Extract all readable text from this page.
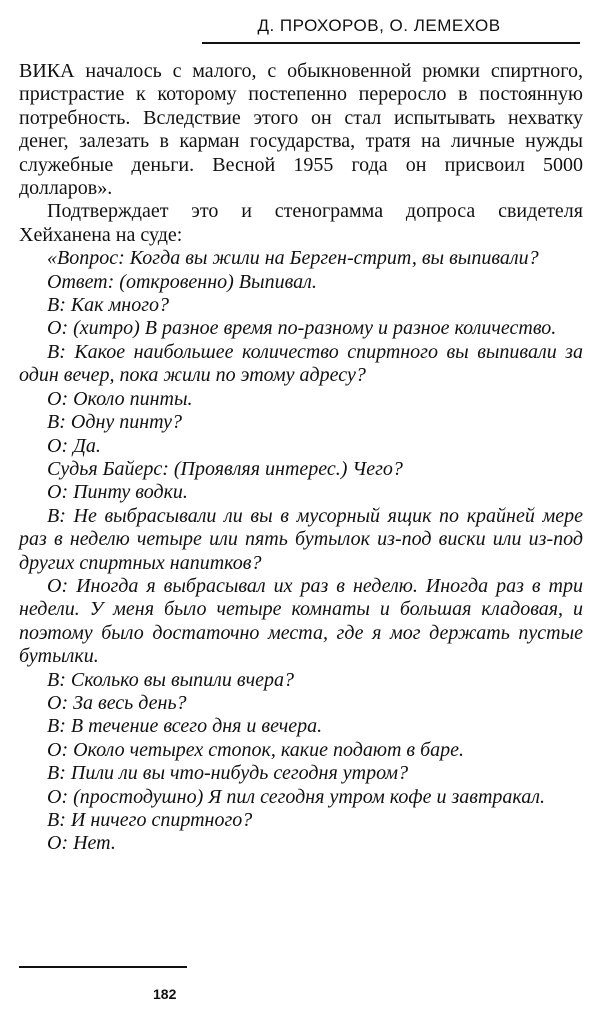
Д. ПРОХОРОВ, О. ЛЕМЕХОВ

ВИКА началось с малого, с обыкновенной рюмки спиртного, пристрастие к которому постепенно переросло в постоянную потребность. Вследствие этого он стал испытывать нехватку денег, залезать в карман государства, тратя на личные нужды служебные деньги. Весной 1955 года он присвоил 5000 долларов».

Подтверждает это и стенограмма допроса свидетеля Хейханена на суде:

«Вопрос: Когда вы жили на Берген-стрит, вы выпивали?

Ответ: (откровенно) Выпивал.

В: Как много?

О: (хитро) В разное время по-разному и разное количество.

В: Какое наибольшее количество спиртного вы выпивали за один вечер, пока жили по этому адресу?

О: Около пинты.

В: Одну пинту?

О: Да.

Судья Байерс: (Проявляя интерес.) Чего?

О: Пинту водки.

В: Не выбрасывали ли вы в мусорный ящик по крайней мере раз в неделю четыре или пять бутылок из-под виски или из-под других спиртных напитков?

О: Иногда я выбрасывал их раз в неделю. Иногда раз в три недели. У меня было четыре комнаты и большая кладовая, и поэтому было достаточно места, где я мог держать пустые бутылки.

В: Сколько вы выпили вчера?

О: За весь день?

В: В течение всего дня и вечера.

О: Около четырех стопок, какие подают в баре.

В: Пили ли вы что-нибудь сегодня утром?

О: (простодушно) Я пил сегодня утром кофе и завтракал.

В: И ничего спиртного?

О: Нет.

182
